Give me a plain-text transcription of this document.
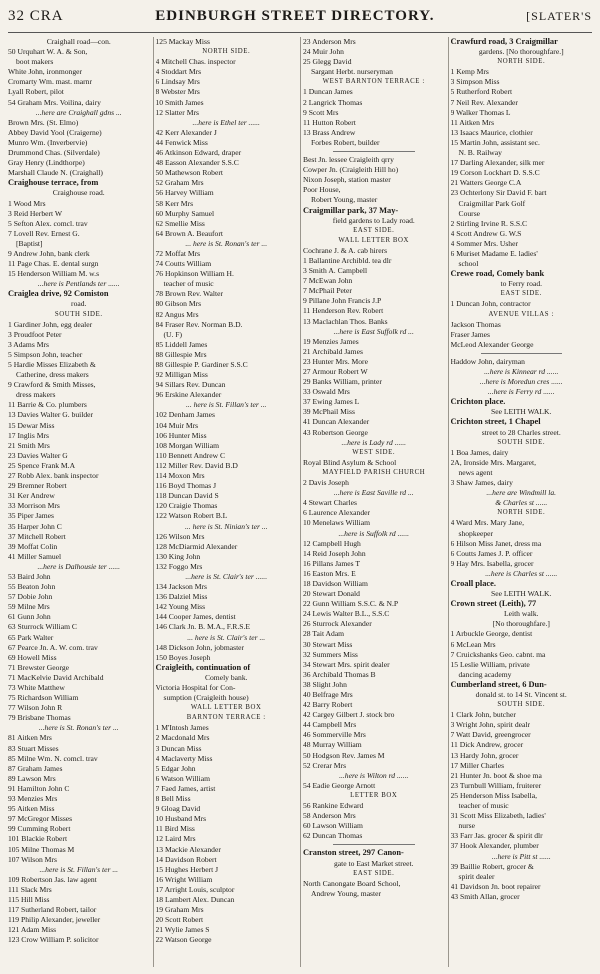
32 CRA	EDINBURGH STREET DIRECTORY.	[SLATER'S
Craighall road—con.
50 Urquhart W. A. & Son,
boot makers
White John, ironmonger
Cromarty Wm. mast. marnr
Lyall Robert, pilot
54 Graham Mrs. Voilina, dairy
...here are Craighall gdns ...
Brown Mrs. (St. Elmo)
Abbey David Yool (Craigerne)
Munro Wm. (Inverbervie)
Drummond Chas. (Silverdale)
Gray Henry (Lindthorpe)
Marshall Claude N. (Craighall)
Craighouse terrace, from
Craighouse road.
1 Wood Mrs
3 Reid Herbert W
5 Sefton Alex. comcl. trav
7 Lovell Rev. Ernest G.
[Baptist]
9 Andrew John, bank clerk
11 Page Chas. E. dental surgn
15 Henderson William M. w.s
...here is Pentlands ter ......
Craiglea drive, 92 Comiston
road.
SOUTH SIDE.
1 Gardiner John, egg dealer
3 Proudfoot Peter
3 Adams Mrs
5 Simpson John, teacher
5 Hardie Misses Elizabeth &
Catherine, dress makers
9 Crawford & Smith Misses,
dress makers
11 Barrie & Co. plumbers
13 Davies Walter G. builder
15 Dewar Miss
17 Inglis Mrs
21 Smith Mrs
23 Davies Walter G
25 Spence Frank M.A
27 Robb Alex. bank inspector
29 Bremner Robert
31 Ker Andrew
33 Morrison Mrs
35 Piper James
35 Harper John C
37 Mitchell Robert
39 Moffat Colin
41 Miller Samuel
...here is Dalhousie ter ......
53 Baird John
55 Beaton John
57 Dobie John
59 Milne Mrs
61 Gunn John
63 Sturrock William C
65 Park Walter
67 Pearce Jn. A. W. com. trav
69 Howell Miss
71 Brewster George
71 MacKelvie David Archibald
73 White Matthew
75 Richardson William
77 Wilson John R
79 Brisbane Thomas
...here is St. Ronan's ter ...
81 Aitken Mrs
83 Stuart Misses
85 Milne Wm. N. comcl. trav
87 Graham James
89 Lawson Mrs
91 Hamilton John C
93 Menzies Mrs
95 Aitken Miss
97 McGregor Misses
99 Cumming Robert
101 Blackie Robert
105 Milne Thomas M
107 Wilson Mrs
...here is St. Fillan's ter ...
109 Robertson Jas. law agent
111 Slack Mrs
115 Hill Miss
117 Sutherland Robert, tailor
119 Philip Alexander, jeweller
121 Adam Miss
123 Crow William P. solicitor
125 Mackay Miss
NORTH SIDE.
4 Mitchell Chas. inspector
4 Stoddart Mrs
6 Lindsay Mrs
8 Webster Mrs
10 Smith James
12 Slatter Mrs
...here is Ethel ter ......
42 Kerr Alexander J
44 Fenwick Miss
46 Atkinson Edward, draper
48 Easson Alexander S.S.C
50 Mathewson Robert
52 Graham Mrs
56 Harvey William
58 Kerr Mrs
60 Murphy Samuel
62 Smellie Miss
64 Brown A. Beaufort
... here is St. Ronan's ter ...
72 Moffat Mrs
74 Coutts William
76 Hopkinson William H.
teacher of music
78 Brown Rev. Walter
80 Gibson Mrs
82 Angus Mrs
84 Fraser Rev. Norman B.D.
(U. F)
85 Liddell James
88 Gillespie Mrs
88 Gillespie P. Gardiner S.S.C
92 Milligan Miss
94 Sillars Rev. Duncan
96 Erskine Alexander
... here is St. Fillan's ter ...
102 Denham James
104 Muir Mrs
106 Hunter Miss
108 Morgan William
110 Bennett Andrew C
112 Miller Rev. David B.D
114 Moxon Mrs
116 Boyd Thomas J
118 Duncan David S
120 Craigie Thomas
122 Watson Robert B.L
... here is St. Ninian's ter ...
126 Wilson Mrs
128 McDiarmid Alexander
130 King John
132 Foggo Mrs
...here is St. Clair's ter ......
134 Jackson Mrs
136 Dalziel Miss
142 Young Miss
144 Cooper James, dentist
146 Clark Jn. B. M.A., F.R.S.E
... here is St. Clair's ter ...
148 Dickson John, jobmaster
150 Boyes Joseph
Craigleith, continuation of
Comely bank.
Victoria Hospital for Con-
sumption (Craigleith house)
WALL LETTER BOX
BARNTON TERRACE :
1 M'Intosh James
2 Macdonald Mrs
3 Duncan Miss
4 Maclaverty Miss
5 Edgar John
6 Watson William
7 Faed James, artist
8 Bell Miss
9 Gloag David
10 Husband Mrs
11 Bird Miss
12 Laird Mrs
13 Mackie Alexander
14 Davidson Robert
15 Hughes Herbert J
16 Wright William
17 Arright Louis, sculptor
18 Lambert Alex. Duncan
19 Graham Mrs
20 Scott Robert
21 Wylie James S
22 Watson George
23 Anderson Mrs
24 Muir John
25 Glegg David
Sargant Herbt. nurseryman
WEST BARNTON TERRACE :
1 Duncan James
2 Langrick Thomas
9 Scott Mrs
11 Hutton Robert
13 Brass Andrew
Forbes Robert, builder
Best Jn. lessee Craigleith qrry
Cowper Jn. (Craigleith Hill ho)
Nixon Joseph, station master
Poor House,
Robert Young, master
Craigmillar park, 37 May-
field gardens to Lady road.
EAST SIDE.
WALL LETTER BOX
Cochrane J. & A. cab hirers
1 Ballantine Archibld. tea dlr
3 Smith A. Campbell
7 McEwan John
7 McPhail Peter
9 Pillane John Francis J.P
11 Henderson Rev. Robert
13 Maclachlan Thos. Banks
...here is East Suffolk rd ...
19 Menzies James
21 Archibald James
23 Hunter Mrs. More
27 Armour Robert W
29 Banks William, printer
33 Oswald Mrs
37 Ewing James L
39 McPhail Miss
41 Duncan Alexander
43 Robertson George
...here is Lady rd ......
WEST SIDE.
Royal Blind Asylum & School
MAYFIELD PARISH CHURCH
2 Davis Joseph
...here is East Saville rd ...
4 Stewart Charles
6 Laurence Alexander
10 Menelaws William
...here is Suffolk rd ......
12 Campbell Hugh
14 Reid Joseph John
16 Pillans James T
16 Easton Mrs. E
18 Davidson William
20 Stewart Donald
22 Gunn William S.S.C. & N.P
24 Lewis Walter B.L., S.S.C
26 Sturrock Alexander
28 Tait Adam
30 Stewart Miss
32 Summers Miss
34 Stewart Mrs. spirit dealer
36 Archibald Thomas B
38 Slight John
40 Belfrage Mrs
42 Barry Robert
42 Cargey Gilbert J. stock bro
44 Campbell Mrs
46 Sommerville Mrs
48 Murray William
50 Hodgson Rev. James M
52 Crerar Mrs
...here is Wilton rd ......
54 Eadie George Arnott
LETTER BOX
56 Rankine Edward
58 Anderson Mrs
60 Lawson William
62 Duncan Thomas
Cranston street, 297 Canon-
gate to East Market street.
EAST SIDE.
North Canongate Board School,
Andrew Young, master
Crawfurd road, 3 Craigmillar
gardens. [No thoroughfare.]
NORTH SIDE.
1 Kemp Mrs
3 Simpson Miss
5 Rutherford Robert
7 Neil Rev. Alexander
9 Walker Thomas L
11 Aitken Mrs
13 Isaacs Maurice, clothier
15 Martin John, assistant sec.
N. B. Railway
17 Darling Alexander, silk mer
19 Corson Lockhart D. S.S.C
21 Watters George C.A
23 Ochterlony Sir David F. bart
Craigmillar Park Golf
Course
2 Stirling Irvine R. S.S.C
4 Scott Andrew G. W.S
4 Sommer Mrs. Usher
6 Muriset Madame E. ladies'
school
Crewe road, Comely bank
to Ferry road.
EAST SIDE.
1 Duncan John, contractor
AVENUE VILLAS :
Jackson Thomas
Fraser James
McLeod Alexander George
Haddow John, dairyman
...here is Kinnear rd ......
...here is Moredun cres ......
...here is Ferry rd ......
Crichton place.
See LEITH WALK.
Crichton street, 1 Chapel
street to 28 Charles street.
SOUTH SIDE.
1 Boa James, dairy
2A, Ironside Mrs. Margaret,
news agent
3 Shaw James, dairy
...here are Windmill la.
& Charles st ......
NORTH SIDE.
4 Ward Mrs. Mary Jane,
shopkeeper
6 Hilson Miss Janet, dress ma
6 Coutts James J. P. officer
9 Hay Mrs. Isabella, grocer
...here is Charles st ......
Croall place.
See LEITH WALK.
Crown street (Leith), 77
Leith walk.
[No thoroughfare.]
1 Arbuckle George, dentist
6 McLean Mrs
7 Cruickshanks Geo. cabnt. ma
15 Leslie William, private
dancing academy
Cumberland street, 6 Dun-
donald st. to 14 St. Vincent st.
SOUTH SIDE.
1 Clark John, butcher
3 Wright John, spirit dealr
7 Watt David, greengrocer
11 Dick Andrew, grocer
13 Hardy John, grocer
17 Miller Charles
21 Hunter Jn. boot & shoe ma
23 Turnbull William, fruiterer
25 Henderson Miss Isabella,
teacher of music
31 Scott Miss Elizabeth, ladies'
nurse
33 Farr Jas. grocer & spirit dlr
37 Hook Alexander, plumber
...here is Pitt st ......
39 Baillie Robert, grocer &
spirit dealer
41 Davidson Jn. boot repairer
43 Smith Allan, grocer
